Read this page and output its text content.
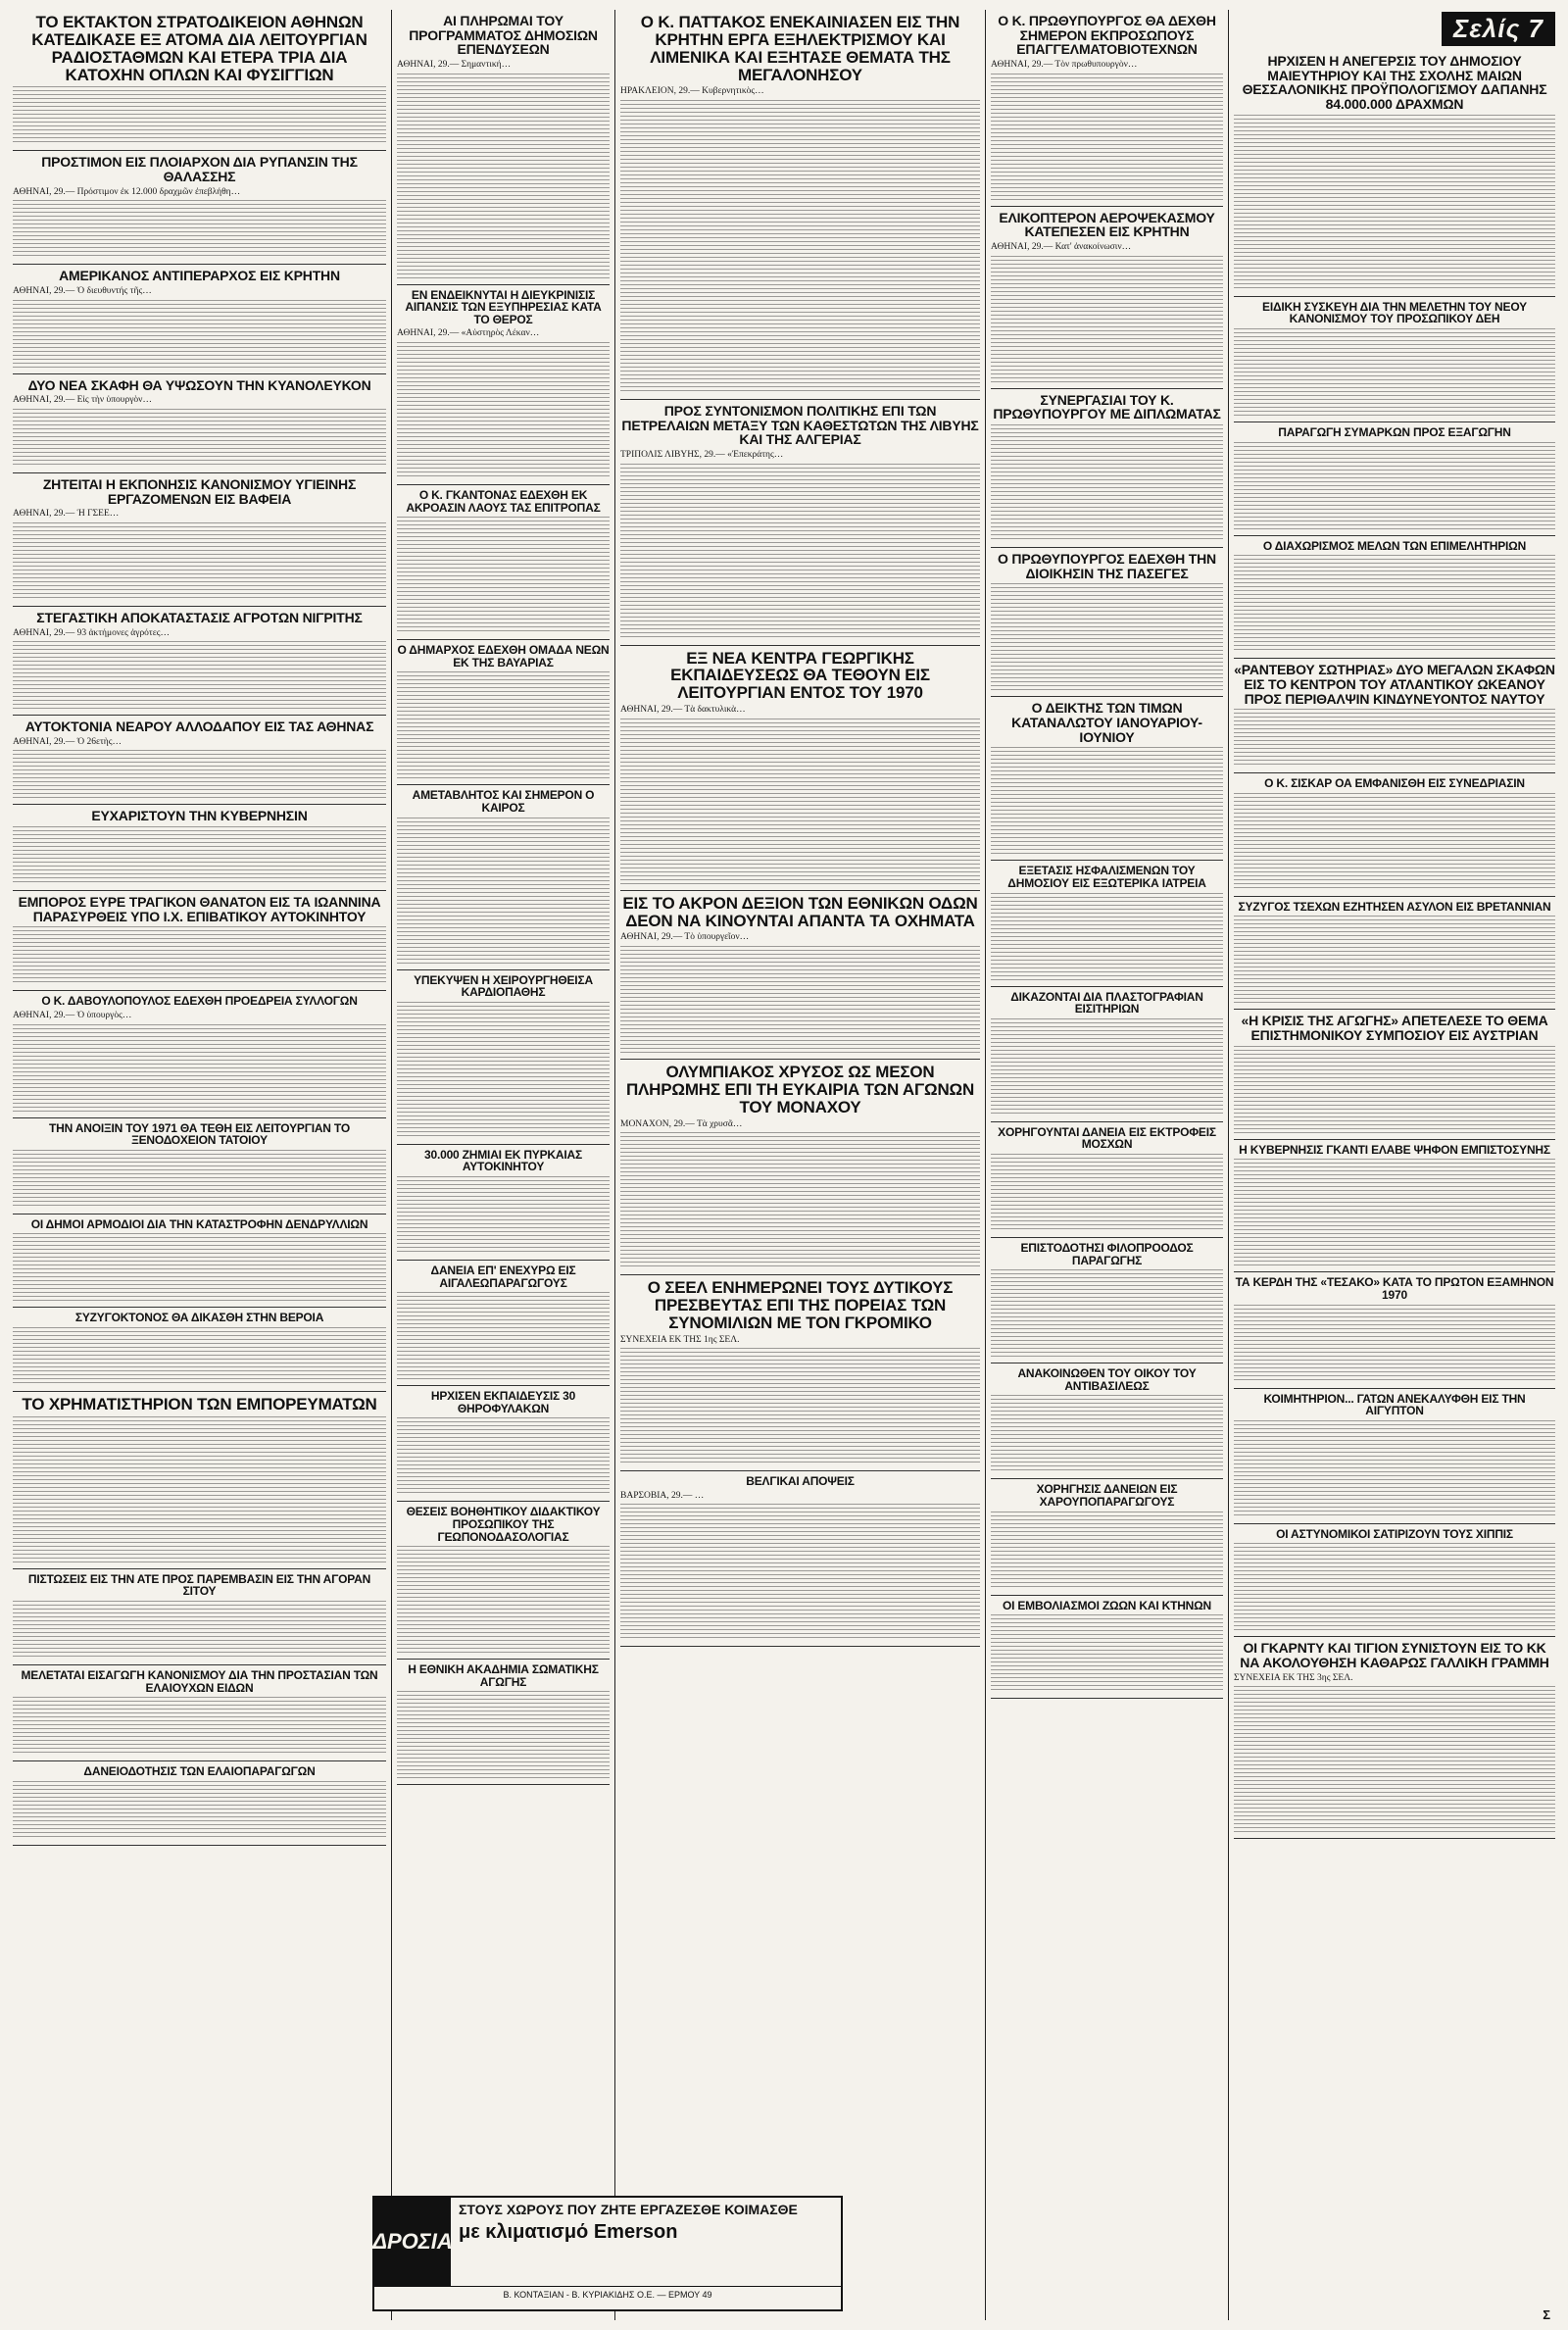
ΤΟ ΕΚΤΑΚΤΟΝ ΣΤΡΑΤΟΔΙΚΕΙΟΝ ΑΘΗΝΩΝ ΚΑΤΕΔΙΚΑΣΕ ΕΞ ΑΤΟΜΑ ΔΙΑ ΛΕΙΤΟΥΡΓΙΑΝ ΡΑΔΙΟΣΤΑΘΜΩΝ ΚΑΙ ΕΤΕΡΑ ΤΡΙΑ ΔΙΑ ΚΑΤΟΧΗΝ ΟΠΛΩΝ ΚΑΙ ΦΥΣΙΓΓΙΩΝ
ΠΡΟΣΤΙΜΟΝ ΕΙΣ ΠΛΟΙΑΡΧΟΝ ΔΙΑ ΡΥΠΑΝΣΙΝ ΤΗΣ ΘΑΛΑΣΣΗΣ
ΑΘΗΝΑΙ, 29.— Πρόστιμον ἐκ 12.000 δραχμῶν ἐπεβλήθη…
ΑΜΕΡΙΚΑΝΟΣ ΑΝΤΙΠΕΡΑΡΧΟΣ ΕΙΣ ΚΡΗΤΗΝ
ΑΘΗΝΑΙ, 29.— Ὁ διευθυντής τῆς…
ΔΥΟ ΝΕΑ ΣΚΑΦΗ ΘΑ ΥΨΩΣΟΥΝ ΤΗΝ ΚΥΑΝΟΛΕΥΚΟΝ
ΑΘΗΝΑΙ, 29.— Εἰς τὴν ὑπουργὸν…
ΖΗΤΕΙΤΑΙ Η ΕΚΠΟΝΗΣΙΣ ΚΑΝΟΝΙΣΜΟΥ ΥΓΙΕΙΝΗΣ ΕΡΓΑΖΟΜΕΝΩΝ ΕΙΣ ΒΑΦΕΙΑ
ΑΘΗΝΑΙ, 29.— Ἡ ΓΣΕΕ…
ΣΤΕΓΑΣΤΙΚΗ ΑΠΟΚΑΤΑΣΤΑΣΙΣ ΑΓΡΟΤΩΝ ΝΙΓΡΙΤΗΣ
ΑΘΗΝΑΙ, 29.— 93 ἀκτήμονες ἀγρότες…
ΑΥΤΟΚΤΟΝΙΑ ΝΕΑΡΟΥ ΑΛΛΟΔΑΠΟΥ ΕΙΣ ΤΑΣ ΑΘΗΝΑΣ
ΑΘΗΝΑΙ, 29.— Ὁ 26ετὴς…
ΕΥΧΑΡΙΣΤΟΥΝ ΤΗΝ ΚΥΒΕΡΝΗΣΙΝ
ΕΜΠΟΡΟΣ ΕΥΡΕ ΤΡΑΓΙΚΟΝ ΘΑΝΑΤΟΝ ΕΙΣ ΤΑ ΙΩΑΝΝΙΝΑ ΠΑΡΑΣΥΡΘΕΙΣ ΥΠΟ Ι.Χ. ΕΠΙΒΑΤΙΚΟΥ ΑΥΤΟΚΙΝΗΤΟΥ
Ο Κ. ΔΑΒΟΥΛΟΠΟΥΛΟΣ ΕΔΕΧΘΗ ΠΡΟΕΔΡΕΙΑ ΣΥΛΛΟΓΩΝ
ΑΘΗΝΑΙ, 29.— Ὁ ὑπουργὸς…
ΤΗΝ ΑΝΟΙΞΙΝ ΤΟΥ 1971 ΘΑ ΤΕΘΗ ΕΙΣ ΛΕΙΤΟΥΡΓΙΑΝ ΤΟ ΞΕΝΟΔΟΧΕΙΟΝ ΤΑΤΟΙΟΥ
ΟΙ ΔΗΜΟΙ ΑΡΜΟΔΙΟΙ ΔΙΑ ΤΗΝ ΚΑΤΑΣΤΡΟΦΗΝ ΔΕΝΔΡΥΛΛΙΩΝ
ΣΥΖΥΓΟΚΤΟΝΟΣ ΘΑ ΔΙΚΑΣΘΗ ΣΤΗΝ ΒΕΡΟΙΑ
ΤΟ ΧΡΗΜΑΤΙΣΤΗΡΙΟΝ ΤΩΝ ΕΜΠΟΡΕΥΜΑΤΩΝ
ΠΙΣΤΩΣΕΙΣ ΕΙΣ ΤΗΝ ΑΤΕ ΠΡΟΣ ΠΑΡΕΜΒΑΣΙΝ ΕΙΣ ΤΗΝ ΑΓΟΡΑΝ ΣΙΤΟΥ
ΜΕΛΕΤΑΤΑΙ ΕΙΣΑΓΩΓΗ ΚΑΝΟΝΙΣΜΟΥ ΔΙΑ ΤΗΝ ΠΡΟΣΤΑΣΙΑΝ ΤΩΝ ΕΛΑΙΟΥΧΩΝ ΕΙΔΩΝ
ΔΑΝΕΙΟΔΟΤΗΣΙΣ ΤΩΝ ΕΛΑΙΟΠΑΡΑΓΩΓΩΝ
ΑΙ ΠΛΗΡΩΜΑΙ ΤΟΥ ΠΡΟΓΡΑΜΜΑΤΟΣ ΔΗΜΟΣΙΩΝ ΕΠΕΝΔΥΣΕΩΝ
ΑΘΗΝΑΙ, 29.— Σημαντική…
ΕΝ ΕΝΔΕΙΚΝΥΤΑΙ Η ΔΙΕΥΚΡΙΝΙΣΙΣ ΑΙΠΑΝΣΙΣ ΤΩΝ ΕΞΥΠΗΡΕΣΙΑΣ ΚΑΤΑ ΤΟ ΘΕΡΟΣ
ΑΘΗΝΑΙ, 29.— «Αὐστηρὸς Λέκαν…
Ο Κ. ΓΚΑΝΤΟΝΑΣ ΕΔΕΧΘΗ ΕΚ ΑΚΡΟΑΣΙΝ ΛΑΟΥΣ ΤΑΣ ΕΠΙΤΡΟΠΑΣ
Ο ΔΗΜΑΡΧΟΣ ΕΔΕΧΘΗ ΟΜΑΔΑ ΝΕΩΝ ΕΚ ΤΗΣ ΒΑΥΑΡΙΑΣ
ΑΜΕΤΑΒΛΗΤΟΣ ΚΑΙ ΣΗΜΕΡΟΝ Ο ΚΑΙΡΟΣ
ΥΠΕΚΥΨΕΝ Η ΧΕΙΡΟΥΡΓΗΘΕΙΣΑ ΚΑΡΔΙΟΠΑΘΗΣ
30.000 ΖΗΜΙΑΙ ΕΚ ΠΥΡΚΑΙΑΣ ΑΥΤΟΚΙΝΗΤΟΥ
ΔΑΝΕΙΑ ΕΠ' ΕΝΕΧΥΡΩ ΕΙΣ ΑΙΓΑΛΕΩΠΑΡΑΓΩΓΟΥΣ
ΗΡΧΙΣΕΝ ΕΚΠΑΙΔΕΥΣΙΣ 30 ΘΗΡΟΦΥΛΑΚΩΝ
ΘΕΣΕΙΣ ΒΟΗΘΗΤΙΚΟΥ ΔΙΔΑΚΤΙΚΟΥ ΠΡΟΣΩΠΙΚΟΥ ΤΗΣ ΓΕΩΠΟΝΟΔΑΣΟΛΟΓΙΑΣ
Η ΕΘΝΙΚΗ ΑΚΑΔΗΜΙΑ ΣΩΜΑΤΙΚΗΣ ΑΓΩΓΗΣ
Ο Κ. ΠΑΤΤΑΚΟΣ ΕΝΕΚΑΙΝΙΑΣΕΝ ΕΙΣ ΤΗΝ ΚΡΗΤΗΝ ΕΡΓΑ ΕΞΗΛΕΚΤΡΙΣΜΟΥ ΚΑΙ ΛΙΜΕΝΙΚΑ ΚΑΙ ΕΞΗΤΑΣΕ ΘΕΜΑΤΑ ΤΗΣ ΜΕΓΑΛΟΝΗΣΟΥ
ΗΡΑΚΛΕΙΟΝ, 29.— Κυβερνητικὸς…
ΠΡΟΣ ΣΥΝΤΟΝΙΣΜΟΝ ΠΟΛΙΤΙΚΗΣ ΕΠΙ ΤΩΝ ΠΕΤΡΕΛΑΙΩΝ ΜΕΤΑΞΥ ΤΩΝ ΚΑΘΕΣΤΩΤΩΝ ΤΗΣ ΛΙΒΥΗΣ ΚΑΙ ΤΗΣ ΑΛΓΕΡΙΑΣ
ΤΡΙΠΟΛΙΣ ΛΙΒΥΗΣ, 29.— «Ἐπεκράτης…
ΕΞ ΝΕΑ ΚΕΝΤΡΑ ΓΕΩΡΓΙΚΗΣ ΕΚΠΑΙΔΕΥΣΕΩΣ ΘΑ ΤΕΘΟΥΝ ΕΙΣ ΛΕΙΤΟΥΡΓΙΑΝ ΕΝΤΟΣ ΤΟΥ 1970
ΑΘΗΝΑΙ, 29.— Τὰ δακτυλικὰ…
ΕΙΣ ΤΟ ΑΚΡΟΝ ΔΕΞΙΟΝ ΤΩΝ ΕΘΝΙΚΩΝ ΟΔΩΝ ΔΕΟΝ ΝΑ ΚΙΝΟΥΝΤΑΙ ΑΠΑΝΤΑ ΤΑ ΟΧΗΜΑΤΑ
ΑΘΗΝΑΙ, 29.— Τὸ ὑπουργεῖον…
ΟΛΥΜΠΙΑΚΟΣ ΧΡΥΣΟΣ ΩΣ ΜΕΣΟΝ ΠΛΗΡΩΜΗΣ ΕΠΙ ΤΗ ΕΥΚΑΙΡΙΑ ΤΩΝ ΑΓΩΝΩΝ ΤΟΥ ΜΟΝΑΧΟΥ
ΜΟΝΑΧΟΝ, 29.— Τὰ χρυσᾶ…
Ο ΣΕΕΛ ΕΝΗΜΕΡΩΝΕΙ ΤΟΥΣ ΔΥΤΙΚΟΥΣ ΠΡΕΣΒΕΥΤΑΣ ΕΠΙ ΤΗΣ ΠΟΡΕΙΑΣ ΤΩΝ ΣΥΝΟΜΙΛΙΩΝ ΜΕ ΤΟΝ ΓΚΡΟΜΙΚΟ
ΣΥΝΕΧΕΙΑ ΕΚ ΤΗΣ 1ης ΣΕΛ.
ΒΕΛΓΙΚΑΙ ΑΠΟΨΕΙΣ
ΒΑΡΣΟΒΙΑ, 29.— …
Ο Κ. ΠΡΩΘΥΠΟΥΡΓΟΣ ΘΑ ΔΕΧΘΗ ΣΗΜΕΡΟΝ ΕΚΠΡΟΣΩΠΟΥΣ ΕΠΑΓΓΕΛΜΑΤΟΒΙΟΤΕΧΝΩΝ
ΑΘΗΝΑΙ, 29.— Τὸν πρωθυπουργὸν…
ΕΛΙΚΟΠΤΕΡΟΝ ΑΕΡΟΨΕΚΑΣΜΟΥ ΚΑΤΕΠΕΣΕΝ ΕΙΣ ΚΡΗΤΗΝ
ΑΘΗΝΑΙ, 29.— Κατ' ἀνακοίνωσιν…
ΣΥΝΕΡΓΑΣΙΑΙ ΤΟΥ Κ. ΠΡΩΘΥΠΟΥΡΓΟΥ ΜΕ ΔΙΠΛΩΜΑΤΑΣ
Ο ΠΡΩΘΥΠΟΥΡΓΟΣ ΕΔΕΧΘΗ ΤΗΝ ΔΙΟΙΚΗΣΙΝ ΤΗΣ ΠΑΣΕΓΕΣ
Ο ΔΕΙΚΤΗΣ ΤΩΝ ΤΙΜΩΝ ΚΑΤΑΝΑΛΩΤΟΥ ΙΑΝΟΥΑΡΙΟΥ-ΙΟΥΝΙΟΥ
ΕΞΕΤΑΣΙΣ ΗΣΦΑΛΙΣΜΕΝΩΝ ΤΟΥ ΔΗΜΟΣΙΟΥ ΕΙΣ ΕΞΩΤΕΡΙΚΑ ΙΑΤΡΕΙΑ
ΔΙΚΑΖΟΝΤΑΙ ΔΙΑ ΠΛΑΣΤΟΓΡΑΦΙΑΝ ΕΙΣΙΤΗΡΙΩΝ
ΧΟΡΗΓΟΥΝΤΑΙ ΔΑΝΕΙΑ ΕΙΣ ΕΚΤΡΟΦΕΙΣ ΜΟΣΧΩΝ
ΕΠΙΣΤΟΔΟΤΗΣΙ ΦΙΛΟΠΡΟΟΔΟΣ ΠΑΡΑΓΩΓΗΣ
ΑΝΑΚΟΙΝΩΘΕΝ ΤΟΥ ΟΙΚΟΥ ΤΟΥ ΑΝΤΙΒΑΣΙΛΕΩΣ
ΧΟΡΗΓΗΣΙΣ ΔΑΝΕΙΩΝ ΕΙΣ ΧΑΡΟΥΠΟΠΑΡΑΓΩΓΟΥΣ
ΟΙ ΕΜΒΟΛΙΑΣΜΟΙ ΖΩΩΝ ΚΑΙ ΚΤΗΝΩΝ
Σελίς 7
ΗΡΧΙΣΕΝ Η ΑΝΕΓΕΡΣΙΣ ΤΟΥ ΔΗΜΟΣΙΟΥ ΜΑΙΕΥΤΗΡΙΟΥ ΚΑΙ ΤΗΣ ΣΧΟΛΗΣ ΜΑΙΩΝ ΘΕΣΣΑΛΟΝΙΚΗΣ ΠΡΟΫΠΟΛΟΓΙΣΜΟΥ ΔΑΠΑΝΗΣ 84.000.000 ΔΡΑΧΜΩΝ
ΕΙΔΙΚΗ ΣΥΣΚΕΥΗ ΔΙΑ ΤΗΝ ΜΕΛΕΤΗΝ ΤΟΥ ΝΕΟΥ ΚΑΝΟΝΙΣΜΟΥ ΤΟΥ ΠΡΟΣΩΠΙΚΟΥ ΔΕΗ
ΠΑΡΑΓΩΓΗ ΣΥΜΑΡΚΩΝ ΠΡΟΣ ΕΞΑΓΩΓΗΝ
Ο ΔΙΑΧΩΡΙΣΜΟΣ ΜΕΛΩΝ ΤΩΝ ΕΠΙΜΕΛΗΤΗΡΙΩΝ
«ΡΑΝΤΕΒΟΥ ΣΩΤΗΡΙΑΣ» ΔΥΟ ΜΕΓΑΛΩΝ ΣΚΑΦΩΝ ΕΙΣ ΤΟ ΚΕΝΤΡΟΝ ΤΟΥ ΑΤΛΑΝΤΙΚΟΥ ΩΚΕΑΝΟΥ ΠΡΟΣ ΠΕΡΙΘΑΛΨΙΝ ΚΙΝΔΥΝΕΥΟΝΤΟΣ ΝΑΥΤΟΥ
Ο Κ. ΣΙΣΚΑΡ ΟΑ ΕΜΦΑΝΙΣΘΗ ΕΙΣ ΣΥΝΕΔΡΙΑΣΙΝ
ΣΥΖΥΓΟΣ ΤΣΕΧΩΝ ΕΖΗΤΗΣΕΝ ΑΣΥΛΟΝ ΕΙΣ ΒΡΕΤΑΝΝΙΑΝ
«Η ΚΡΙΣΙΣ ΤΗΣ ΑΓΩΓΗΣ» ΑΠΕΤΕΛΕΣΕ ΤΟ ΘΕΜΑ ΕΠΙΣΤΗΜΟΝΙΚΟΥ ΣΥΜΠΟΣΙΟΥ ΕΙΣ ΑΥΣΤΡΙΑΝ
Η ΚΥΒΕΡΝΗΣΙΣ ΓΚΑΝΤΙ ΕΛΑΒΕ ΨΗΦΟΝ ΕΜΠΙΣΤΟΣΥΝΗΣ
ΤΑ ΚΕΡΔΗ ΤΗΣ «ΤΕΣΑΚΟ» ΚΑΤΑ ΤΟ ΠΡΩΤΟΝ ΕΞΑΜΗΝΟΝ 1970
ΚΟΙΜΗΤΗΡΙΟΝ... ΓΑΤΩΝ ΑΝΕΚΑΛΥΦΘΗ ΕΙΣ ΤΗΝ ΑΙΓΥΠΤΟΝ
ΟΙ ΑΣΤΥΝΟΜΙΚΟΙ ΣΑΤΙΡΙΖΟΥΝ ΤΟΥΣ ΧΙΠΠΙΣ
ΟΙ ΓΚΑΡΝΤΥ ΚΑΙ ΤΙΓΙΟΝ ΣΥΝΙΣΤΟΥΝ ΕΙΣ ΤΟ ΚΚ ΝΑ ΑΚΟΛΟΥΘΗΣΗ ΚΑΘΑΡΩΣ ΓΑΛΛΙΚΗ ΓΡΑΜΜΗ
ΣΥΝΕΧΕΙΑ ΕΚ ΤΗΣ 3ης ΣΕΛ.
ΔΡΟΣΙΑ
ΣΤΟΥΣ ΧΩΡΟΥΣ ΠΟΥ ΖΗΤΕ ΕΡΓΑΖΕΣΘΕ ΚΟΙΜΑΣΘΕ
με κλιματισμό Emerson
Β. ΚΟΝΤΑΞΙΑΝ - Β. ΚΥΡΙΑΚΙΔΗΣ Ο.Ε. — ΕΡΜΟΥ 49
Σ
